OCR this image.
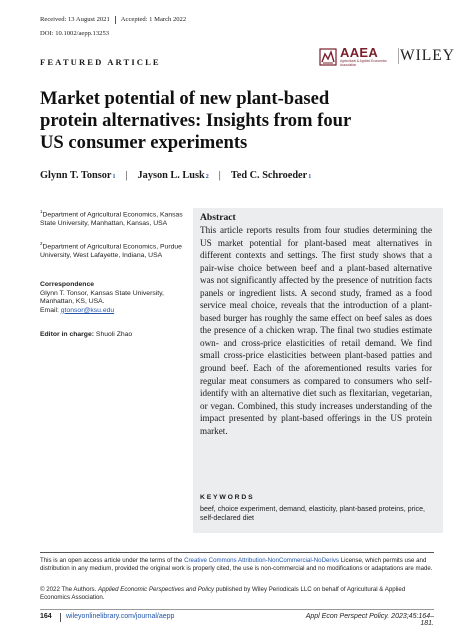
Received: 13 August 2021 Accepted: 1 March 2022
DOI: 10.1002/aepp.13253
FEATURED ARTICLE
AAEA
Agricultural & Applied Economics Association
WILEY
Market potential of new plant-based protein alternatives: Insights from four US consumer experiments
Glynn T. Tonsor 1 | Jayson L. Lusk 2 | Ted C. Schroeder 1
$^1$Department of Agricultural Economics, Kansas State University, Manhattan, Kansas, USA
$^2$Department of Agricultural Economics, Purdue University, West Lafayette, Indiana, USA
Correspondence
Glynn T. Tonsor, Kansas State University, Manhattan, KS, USA.
Email: gtonsor@ksu.edu
Editor in charge: Shuoli Zhao
Abstract
This article reports results from four studies determining the US market potential for plant-based meat alternatives in different contexts and settings. The first study shows that a pair-wise choice between beef and a plant-based alternative was not significantly affected by the presence of nutrition facts panels or ingredient lists. A second study, framed as a food service meal choice, reveals that the introduction of a plant-based burger has roughly the same effect on beef sales as does the presence of a chicken wrap. The final two studies estimate own- and cross-price elasticities of retail demand. We find small cross-price elasticities between plant-based patties and ground beef. Each of the aforementioned results varies for regular meat consumers as compared to consumers who self-identify with an alternative diet such as flexitarian, vegetarian, or vegan. Combined, this study increases understanding of the impact presented by plant-based offerings in the US protein market.
KEYWORDS
beef, choice experiment, demand, elasticity, plant-based proteins, price, self-declared diet
This is an open access article under the terms of the Creative Commons Attribution-NonCommercial-NoDerivs License, which permits use and distribution in any medium, provided the original work is properly cited, the use is non-commercial and no modifications or adaptations are made.
© 2022 The Authors. Applied Economic Perspectives and Policy published by Wiley Periodicals LLC on behalf of Agricultural & Applied Economics Association.
164 wileyonlinelibrary.com/journal/aepp	Appl Econ Perspect Policy. 2023;45:164–181.
